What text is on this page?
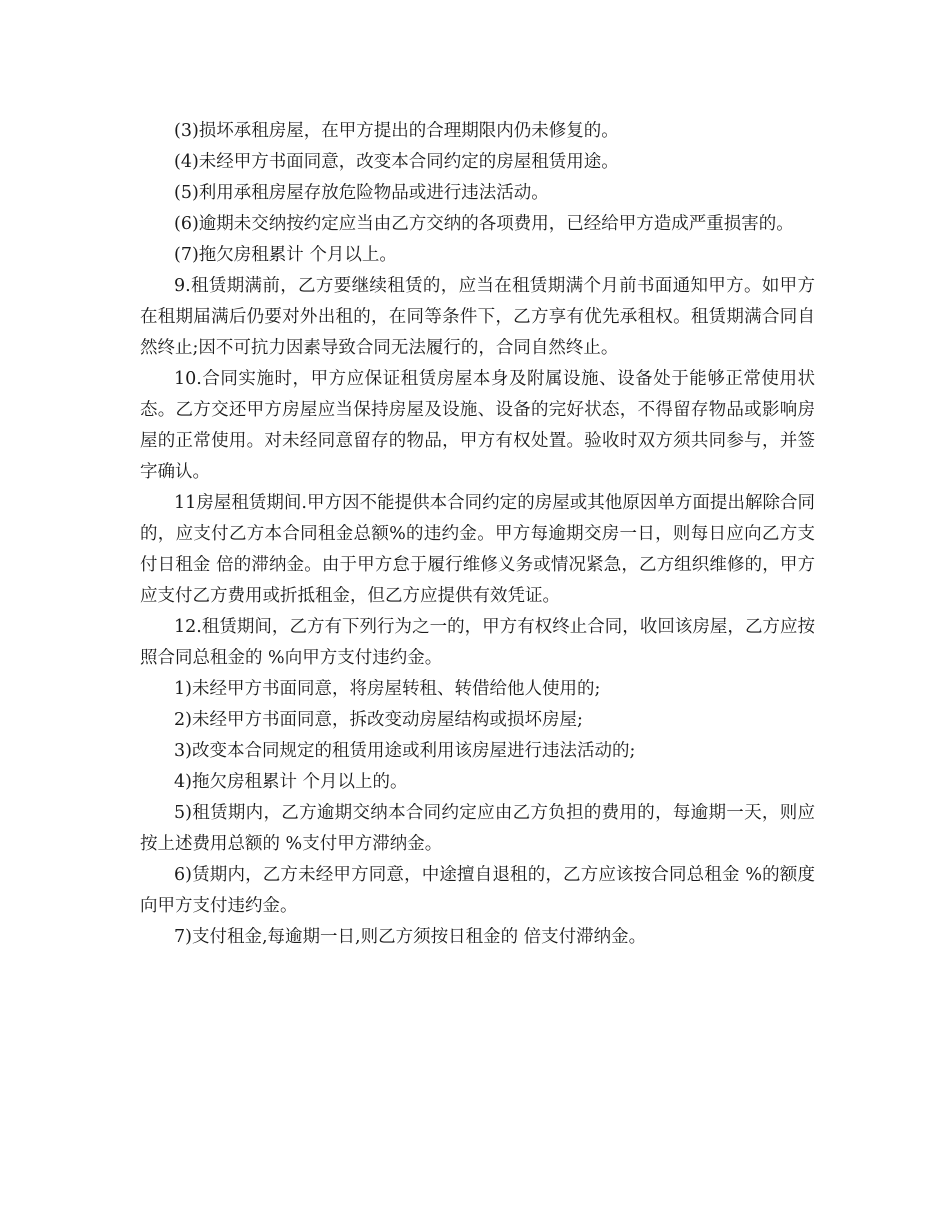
(3)损坏承租房屋，在甲方提出的合理期限内仍未修复的。

(4)未经甲方书面同意，改变本合同约定的房屋租赁用途。

(5)利用承租房屋存放危险物品或进行违法活动。

(6)逾期未交纳按约定应当由乙方交纳的各项费用，已经给甲方造成严重损害的。

(7)拖欠房租累计 个月以上。

9.租赁期满前，乙方要继续租赁的，应当在租赁期满个月前书面通知甲方。如甲方在租期届满后仍要对外出租的，在同等条件下，乙方享有优先承租权。租赁期满合同自然终止;因不可抗力因素导致合同无法履行的，合同自然终止。

10.合同实施时，甲方应保证租赁房屋本身及附属设施、设备处于能够正常使用状态。乙方交还甲方房屋应当保持房屋及设施、设备的完好状态，不得留存物品或影响房屋的正常使用。对未经同意留存的物品，甲方有权处置。验收时双方须共同参与，并签字确认。

11房屋租赁期间.甲方因不能提供本合同约定的房屋或其他原因单方面提出解除合同的，应支付乙方本合同租金总额%的违约金。甲方每逾期交房一日，则每日应向乙方支付日租金 倍的滞纳金。由于甲方怠于履行维修义务或情况紧急，乙方组织维修的，甲方应支付乙方费用或折抵租金，但乙方应提供有效凭证。

12.租赁期间，乙方有下列行为之一的，甲方有权终止合同，收回该房屋，乙方应按照合同总租金的 %向甲方支付违约金。

1)未经甲方书面同意，将房屋转租、转借给他人使用的;

2)未经甲方书面同意，拆改变动房屋结构或损坏房屋;

3)改变本合同规定的租赁用途或利用该房屋进行违法活动的;

4)拖欠房租累计 个月以上的。

5)租赁期内，乙方逾期交纳本合同约定应由乙方负担的费用的，每逾期一天，则应按上述费用总额的 %支付甲方滞纳金。

6)赁期内，乙方未经甲方同意，中途擅自退租的，乙方应该按合同总租金 %的额度向甲方支付违约金。

7)支付租金,每逾期一日,则乙方须按日租金的 倍支付滞纳金。
